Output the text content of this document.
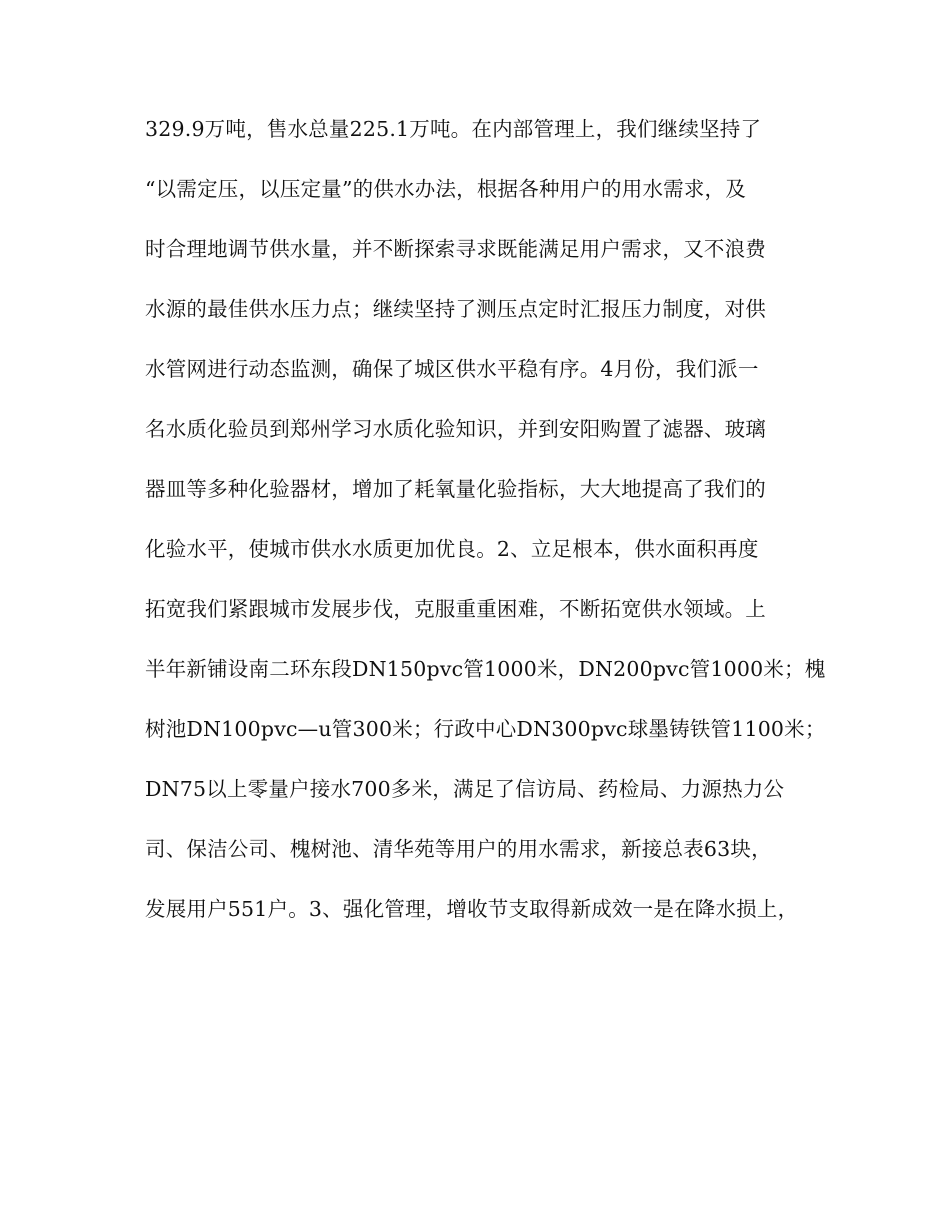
329.9万吨，售水总量225.1万吨。在内部管理上，我们继续坚持了

“以需定压，以压定量”的供水办法，根据各种用户的用水需求，及

时合理地调节供水量，并不断探索寻求既能满足用户需求，又不浪费

水源的最佳供水压力点；继续坚持了测压点定时汇报压力制度，对供

水管网进行动态监测，确保了城区供水平稳有序。4月份，我们派一

名水质化验员到郑州学习水质化验知识，并到安阳购置了滤器、玻璃

器皿等多种化验器材，增加了耗氧量化验指标，大大地提高了我们的

化验水平，使城市供水水质更加优良。2、立足根本，供水面积再度

拓宽我们紧跟城市发展步伐，克服重重困难，不断拓宽供水领域。上

半年新铺设南二环东段DN150pvc管1000米，DN200pvc管1000米；槐

树池DN100pvc—u管300米；行政中心DN300pvc球墨铸铁管1100米；

DN75以上零量户接水700多米，满足了信访局、药检局、力源热力公

司、保洁公司、槐树池、清华苑等用户的用水需求，新接总表63块，

发展用户551户。3、强化管理，增收节支取得新成效一是在降水损上，
